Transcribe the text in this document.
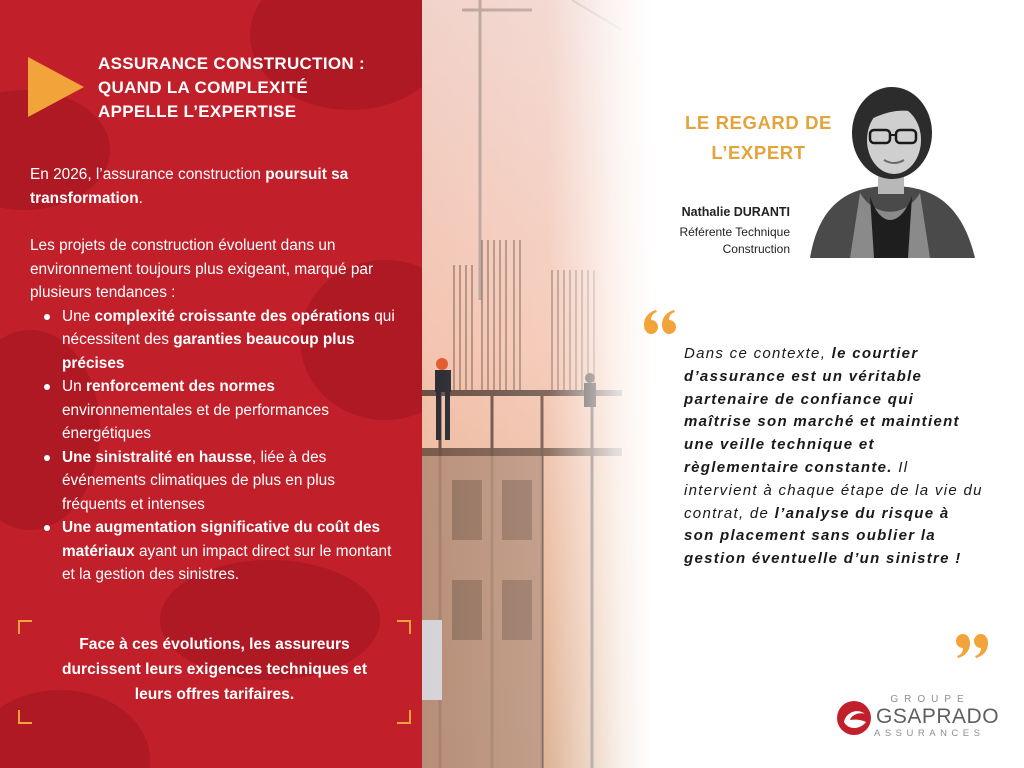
ASSURANCE CONSTRUCTION :
QUAND LA COMPLEXITÉ
APPELLE L’EXPERTISE

En 2026, l’assurance construction poursuit sa transformation.

Les projets de construction évoluent dans un environnement toujours plus exigeant, marqué par plusieurs tendances :

Une complexité croissante des opérations qui nécessitent des garanties beaucoup plus précises
Un renforcement des normes environnementales et de performances énergétiques
Une sinistralité en hausse, liée à des événements climatiques de plus en plus fréquents et intenses
Une augmentation significative du coût des matériaux ayant un impact direct sur le montant et la gestion des sinistres.
Face à ces évolutions, les assureurs
durcissent leurs exigences techniques et
leurs offres tarifaires.
LE REGARD DE
L’EXPERT
Nathalie DURANTI
Référente Technique
Construction
Dans ce contexte, le courtier d’assurance est un véritable partenaire de confiance qui maîtrise son marché et maintient une veille technique et règlementaire constante. Il intervient à chaque étape de la vie du contrat, de l’analyse du risque à son placement sans oublier la gestion éventuelle d’un sinistre !
GROUPE
GSAPRADO
ASSURANCES
